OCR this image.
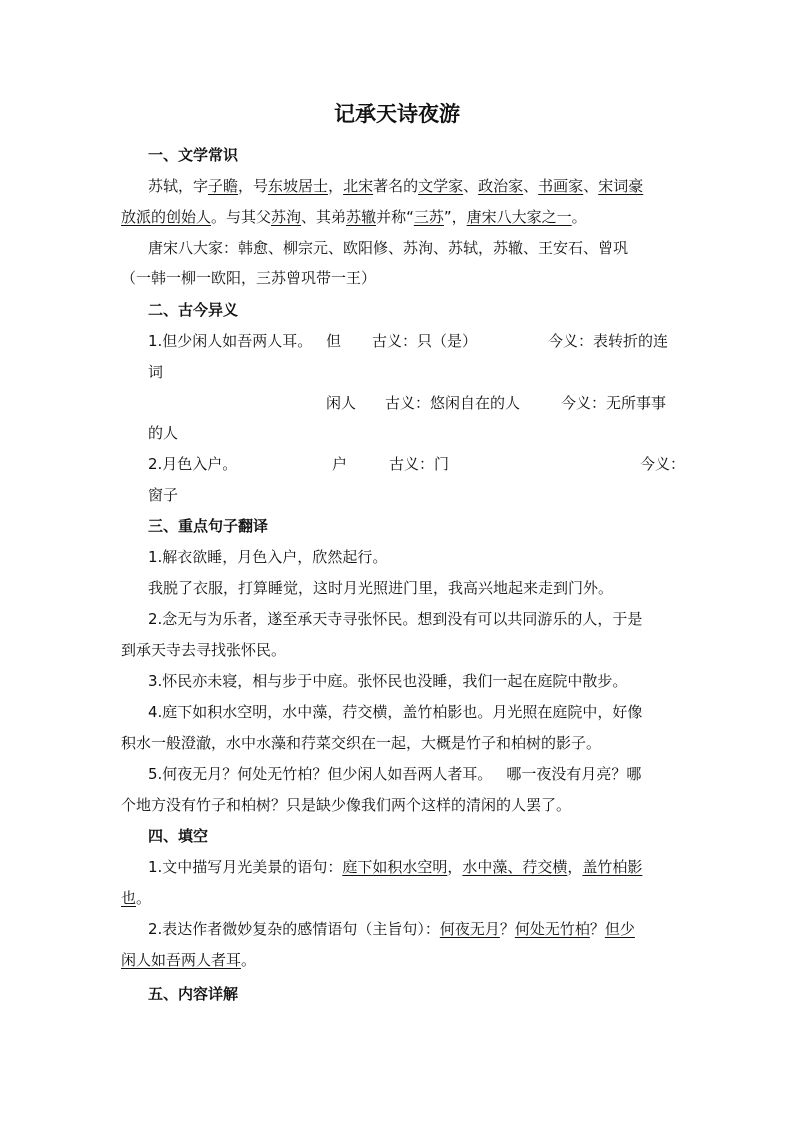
记承天诗夜游
一、文学常识
苏轼，字子瞻，号东坡居士，北宋著名的文学家、政治家、书画家、宋词豪
放派的创始人。与其父苏洵、其弟苏辙并称“三苏”，唐宋八大家之一。
唐宋八大家：韩愈、柳宗元、欧阳修、苏洵、苏轼，苏辙、王安石、曾巩
（一韩一柳一欧阳，三苏曾巩带一王）
二、古今异义
1.但少闲人如吾两人耳。 但 古义：只（是）	今义：表转折的连
词
闲人 古义：悠闲自在的人	今义：无所事事
的人
2.月色入户。	户	古义：门	今义：
窗子
三、重点句子翻译
1.解衣欲睡，月色入户，欣然起行。
我脱了衣服，打算睡觉，这时月光照进门里，我高兴地起来走到门外。
2.念无与为乐者，遂至承天寺寻张怀民。想到没有可以共同游乐的人，于是
到承天寺去寻找张怀民。
3.怀民亦未寝，相与步于中庭。张怀民也没睡，我们一起在庭院中散步。
4.庭下如积水空明，水中藻，荇交横，盖竹柏影也。月光照在庭院中，好像
积水一般澄澈，水中水藻和荇菜交织在一起，大概是竹子和柏树的影子。
5.何夜无月？何处无竹柏？但少闲人如吾两人者耳。 哪一夜没有月亮？哪
个地方没有竹子和柏树？只是缺少像我们两个这样的清闲的人罢了。
四、填空
1.文中描写月光美景的语句：庭下如积水空明，水中藻、荇交横，盖竹柏影
也。
2.表达作者微妙复杂的感情语句（主旨句）：何夜无月？何处无竹柏？但少
闲人如吾两人者耳。
五、内容详解
